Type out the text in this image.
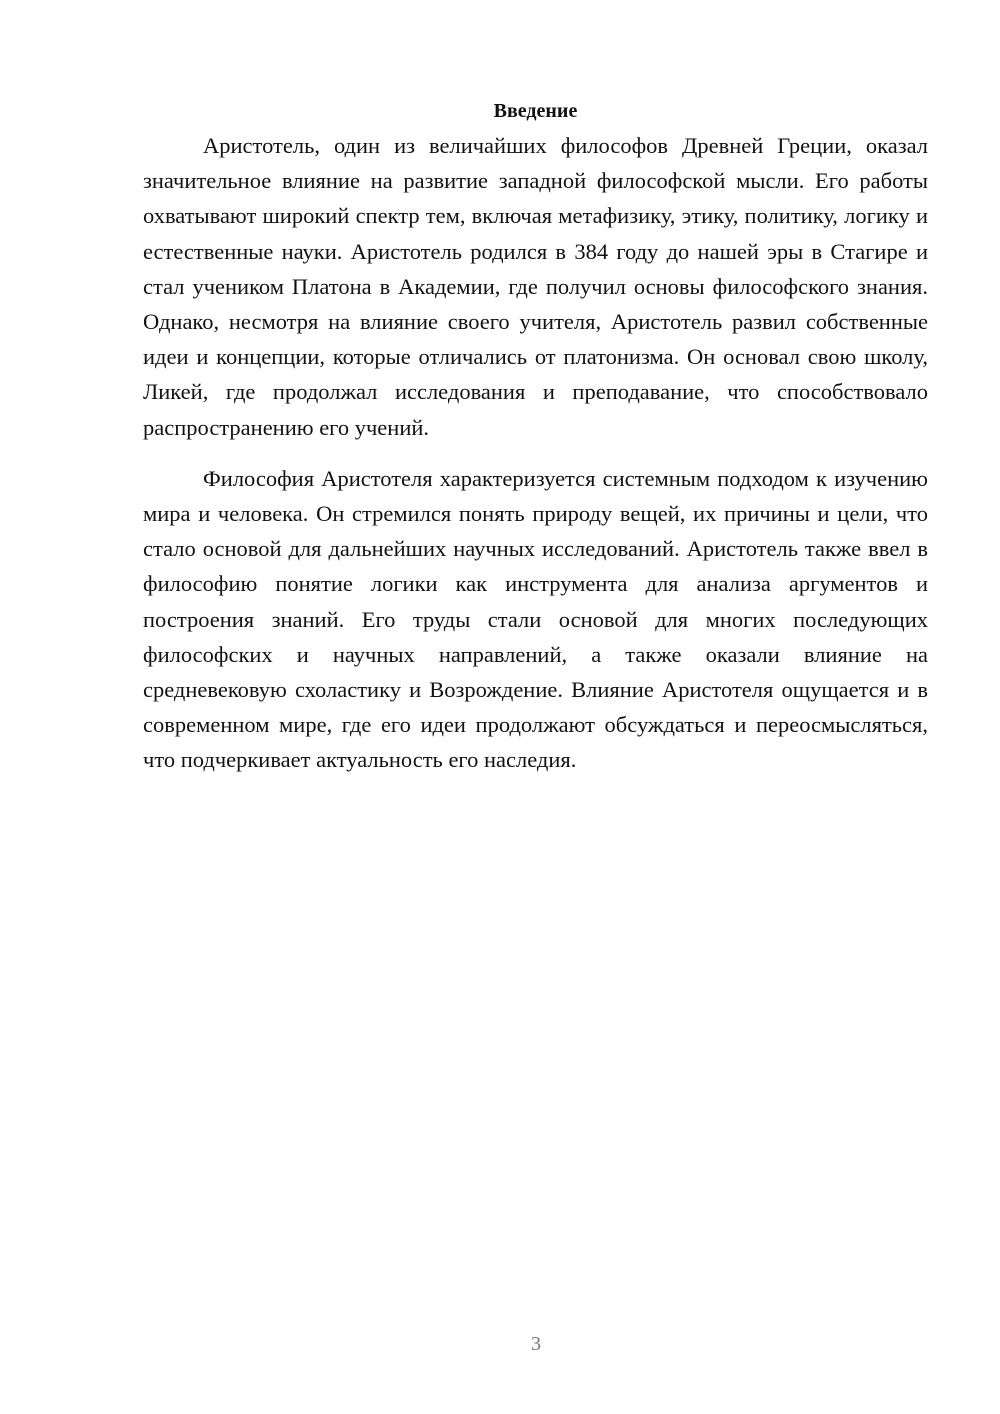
Введение

Аристотель, один из величайших философов Древней Греции, оказал значительное влияние на развитие западной философской мысли. Его работы охватывают широкий спектр тем, включая метафизику, этику, политику, логику и естественные науки. Аристотель родился в 384 году до нашей эры в Стагире и стал учеником Платона в Академии, где получил основы философского знания. Однако, несмотря на влияние своего учителя, Аристотель развил собственные идеи и концепции, которые отличались от платонизма. Он основал свою школу, Ликей, где продолжал исследования и преподавание, что способствовало распространению его учений.

Философия Аристотеля характеризуется системным подходом к изучению мира и человека. Он стремился понять природу вещей, их причины и цели, что стало основой для дальнейших научных исследований. Аристотель также ввел в философию понятие логики как инструмента для анализа аргументов и построения знаний. Его труды стали основой для многих последующих философских и научных направлений, а также оказали влияние на средневековую схоластику и Возрождение. Влияние Аристотеля ощущается и в современном мире, где его идеи продолжают обсуждаться и переосмысляться, что подчеркивает актуальность его наследия.

3
